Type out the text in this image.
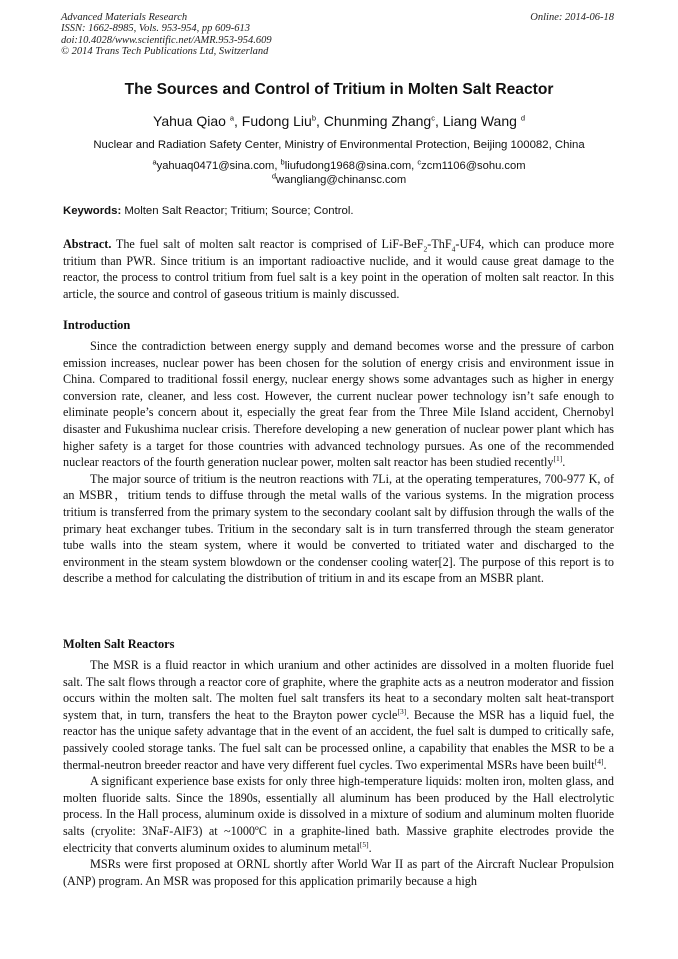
Advanced Materials Research
ISSN: 1662-8985, Vols. 953-954, pp 609-613
doi:10.4028/www.scientific.net/AMR.953-954.609
© 2014 Trans Tech Publications Ltd, Switzerland
Online: 2014-06-18
The Sources and Control of Tritium in Molten Salt Reactor
Yahua Qiao $^a$, Fudong Liu$^b$, Chunming Zhang$^c$, Liang Wang $^d$
Nuclear and Radiation Safety Center, Ministry of Environmental Protection, Beijing 100082, China
$^a$yahuaq0471@sina.com, $^b$liufudong1968@sina.com, $^c$zcm1106@sohu.com
$^d$wangliang@chinansc.com
Keywords: Molten Salt Reactor; Tritium; Source; Control.
Abstract. The fuel salt of molten salt reactor is comprised of LiF-BeF$_2$-ThF$_4$-UF4, which can produce more tritium than PWR. Since tritium is an important radioactive nuclide, and it would cause great damage to the reactor, the process to control tritium from fuel salt is a key point in the operation of molten salt reactor. In this article, the source and control of gaseous tritium is mainly discussed.
Introduction

Since the contradiction between energy supply and demand becomes worse and the pressure of carbon emission increases, nuclear power has been chosen for the solution of energy crisis and environment issue in China. Compared to traditional fossil energy, nuclear energy shows some advantages such as higher in energy conversion rate, cleaner, and less cost. However, the current nuclear power technology isn’t safe enough to eliminate people’s concern about it, especially the great fear from the Three Mile Island accident, Chernobyl disaster and Fukushima nuclear crisis. Therefore developing a new generation of nuclear power plant which has higher safety is a target for those countries with advanced technology pursues. As one of the recommended nuclear reactors of the fourth generation nuclear power, molten salt reactor has been studied recently[1].

The major source of tritium is the neutron reactions with 7Li, at the operating temperatures, 700-977 K, of an MSBR，tritium tends to diffuse through the metal walls of the various systems. In the migration process tritium is transferred from the primary system to the secondary coolant salt by diffusion through the walls of the primary heat exchanger tubes. Tritium in the secondary salt is in turn transferred through the steam generator tube walls into the steam system, where it would be converted to tritiated water and discharged to the environment in the steam system blowdown or the condenser cooling water[2]. The purpose of this report is to describe a method for calculating the distribution of tritium in and its escape from an MSBR plant.

Molten Salt Reactors

The MSR is a fluid reactor in which uranium and other actinides are dissolved in a molten fluoride fuel salt. The salt flows through a reactor core of graphite, where the graphite acts as a neutron moderator and fission occurs within the molten salt. The molten fuel salt transfers its heat to a secondary molten salt heat-transport system that, in turn, transfers the heat to the Brayton power cycle[3]. Because the MSR has a liquid fuel, the reactor has the unique safety advantage that in the event of an accident, the fuel salt is dumped to critically safe, passively cooled storage tanks. The fuel salt can be processed online, a capability that enables the MSR to be a thermal-neutron breeder reactor and have very different fuel cycles. Two experimental MSRs have been built[4].

A significant experience base exists for only three high-temperature liquids: molten iron, molten glass, and molten fluoride salts. Since the 1890s, essentially all aluminum has been produced by the Hall electrolytic process. In the Hall process, aluminum oxide is dissolved in a mixture of sodium and aluminum molten fluoride salts (cryolite: 3NaF-AlF3) at ~1000ºC in a graphite-lined bath. Massive graphite electrodes provide the electricity that converts aluminum oxides to aluminum metal[5].

MSRs were first proposed at ORNL shortly after World War II as part of the Aircraft Nuclear Propulsion (ANP) program. An MSR was proposed for this application primarily because a high
